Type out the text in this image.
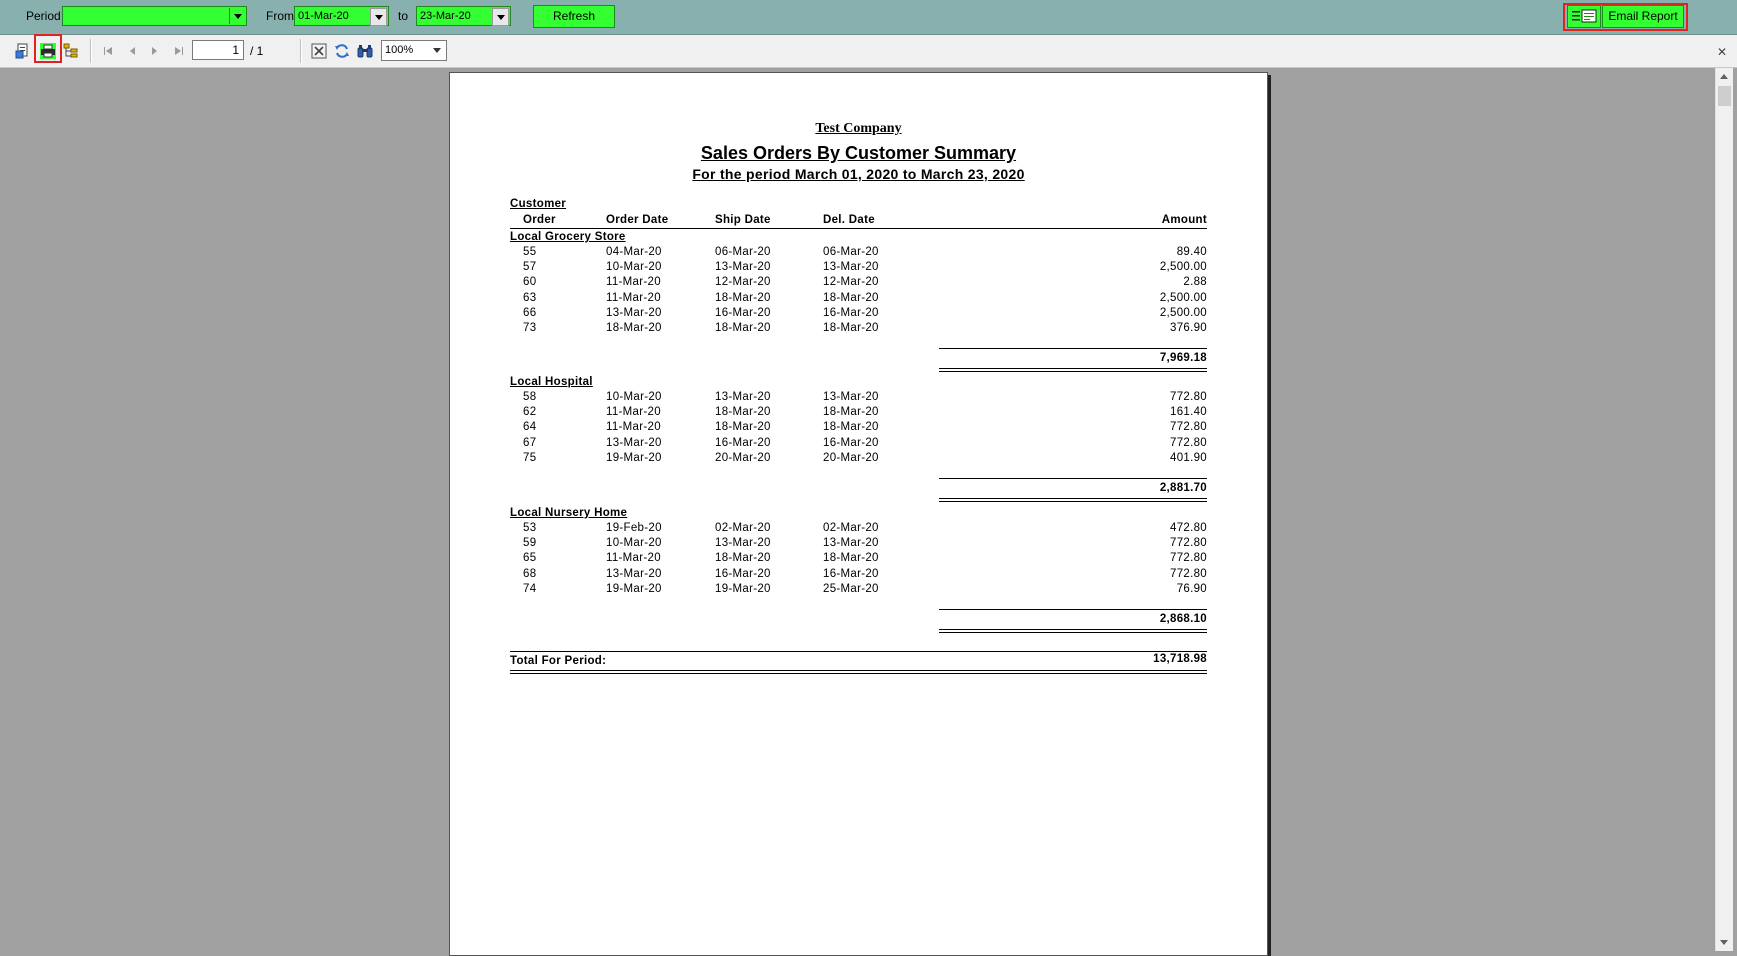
Period	From 01-Mar-20	to	23-Mar-20	Refresh	Email Report
1 / 1	100%	✕
Test Company
Sales Orders By Customer Summary
For the period March 01, 2020 to March 23, 2020
Customer
Order	Order Date	Ship Date	Del. Date	Amount
Local Grocery Store
55	04-Mar-20	06-Mar-20	06-Mar-20	89.40
57	10-Mar-20	13-Mar-20	13-Mar-20	2,500.00
60	11-Mar-20	12-Mar-20	12-Mar-20	2.88
63	11-Mar-20	18-Mar-20	18-Mar-20	2,500.00
66	13-Mar-20	16-Mar-20	16-Mar-20	2,500.00
73	18-Mar-20	18-Mar-20	18-Mar-20	376.90
7,969.18
Local Hospital
58	10-Mar-20	13-Mar-20	13-Mar-20	772.80
62	11-Mar-20	18-Mar-20	18-Mar-20	161.40
64	11-Mar-20	18-Mar-20	18-Mar-20	772.80
67	13-Mar-20	16-Mar-20	16-Mar-20	772.80
75	19-Mar-20	20-Mar-20	20-Mar-20	401.90
2,881.70
Local Nursery Home
53	19-Feb-20	02-Mar-20	02-Mar-20	472.80
59	10-Mar-20	13-Mar-20	13-Mar-20	772.80
65	11-Mar-20	18-Mar-20	18-Mar-20	772.80
68	13-Mar-20	16-Mar-20	16-Mar-20	772.80
74	19-Mar-20	19-Mar-20	25-Mar-20	76.90
2,868.10
Total For Period:	13,718.98
